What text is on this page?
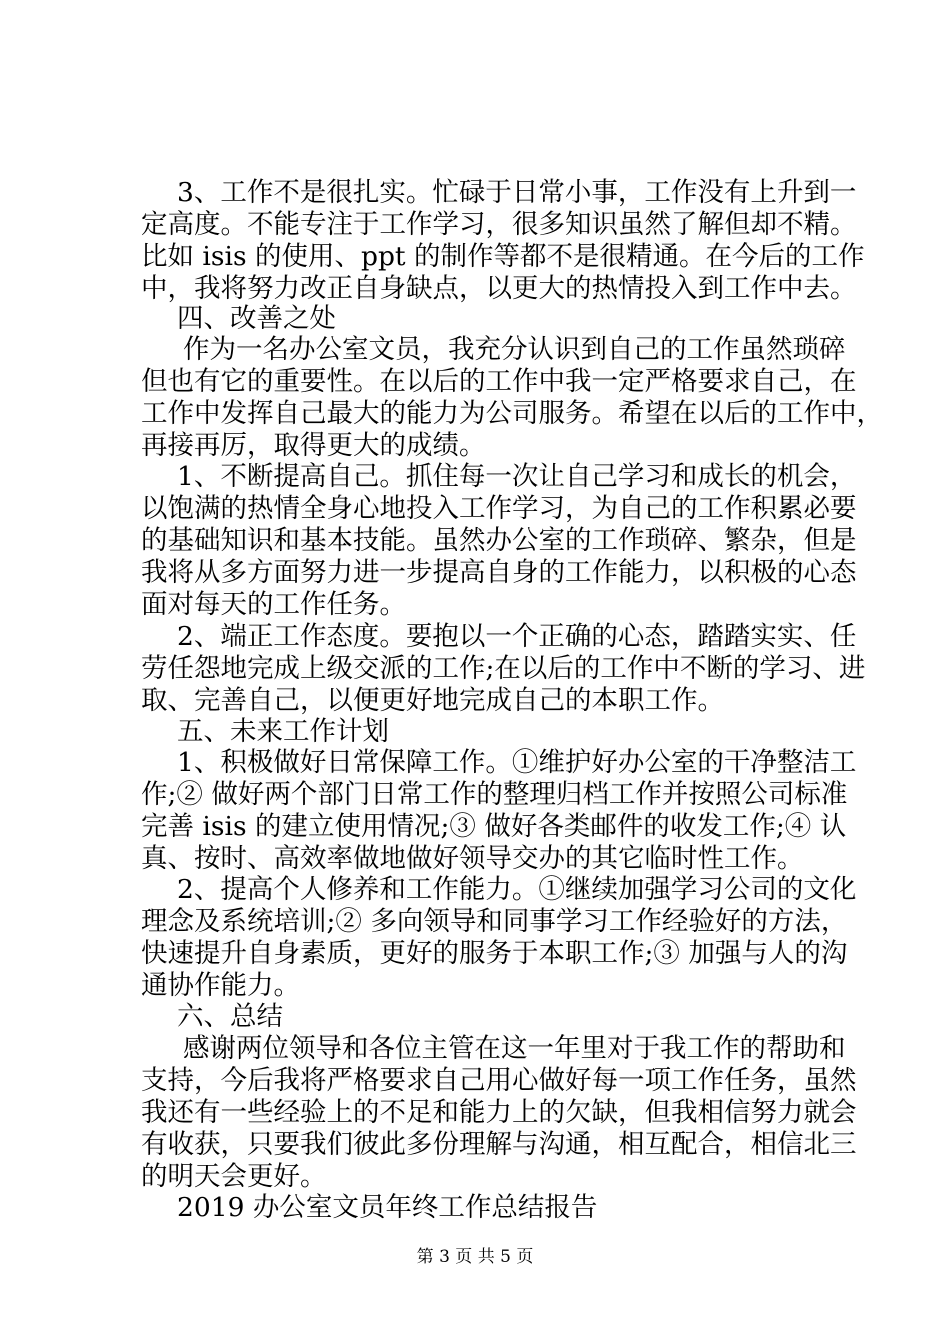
3、工作不是很扎实。忙碌于日常小事，工作没有上升到一
定高度。不能专注于工作学习，很多知识虽然了解但却不精。
比如 isis 的使用、ppt 的制作等都不是很精通。在今后的工作
中，我将努力改正自身缺点，以更大的热情投入到工作中去。
四、改善之处
作为一名办公室文员，我充分认识到自己的工作虽然琐碎
但也有它的重要性。在以后的工作中我一定严格要求自己，在
工作中发挥自己最大的能力为公司服务。希望在以后的工作中，
再接再厉，取得更大的成绩。
1、不断提高自己。抓住每一次让自己学习和成长的机会，
以饱满的热情全身心地投入工作学习，为自己的工作积累必要
的基础知识和基本技能。虽然办公室的工作琐碎、繁杂，但是
我将从多方面努力进一步提高自身的工作能力，以积极的心态
面对每天的工作任务。
2、端正工作态度。要抱以一个正确的心态，踏踏实实、任
劳任怨地完成上级交派的工作;在以后的工作中不断的学习、进
取、完善自己，以便更好地完成自己的本职工作。
五、未来工作计划
1、积极做好日常保障工作。①维护好办公室的干净整洁工
作;② 做好两个部门日常工作的整理归档工作并按照公司标准
完善 isis 的建立使用情况;③ 做好各类邮件的收发工作;④ 认
真、按时、高效率做地做好领导交办的其它临时性工作。
2、提高个人修养和工作能力。①继续加强学习公司的文化
理念及系统培训;② 多向领导和同事学习工作经验好的方法，
快速提升自身素质，更好的服务于本职工作;③ 加强与人的沟
通协作能力。
六、总结
感谢两位领导和各位主管在这一年里对于我工作的帮助和
支持，今后我将严格要求自己用心做好每一项工作任务，虽然
我还有一些经验上的不足和能力上的欠缺，但我相信努力就会
有收获，只要我们彼此多份理解与沟通，相互配合，相信北三
的明天会更好。
2019 办公室文员年终工作总结报告
第 3 页 共 5 页
